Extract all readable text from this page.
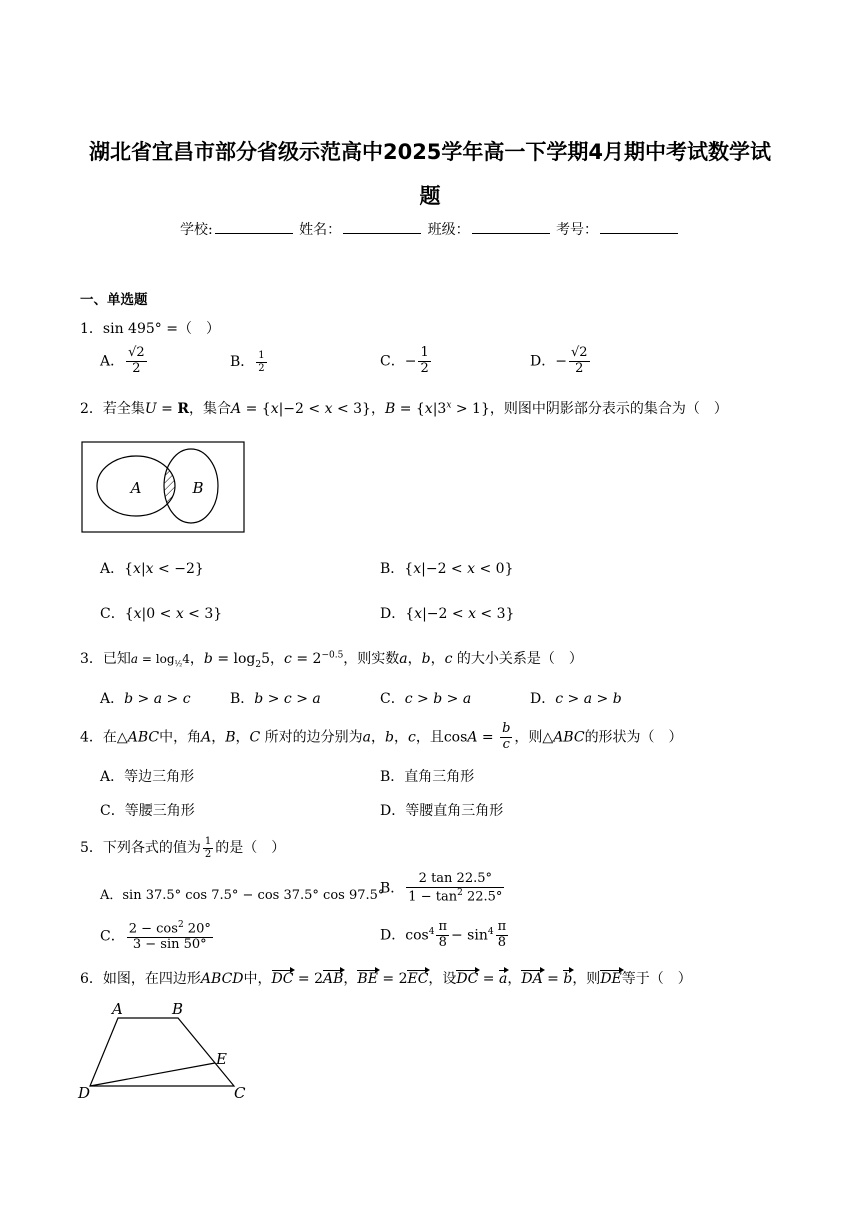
湖北省宜昌市部分省级示范高中2025学年高一下学期4月期中考试数学试
题
学校:	姓名：	班级：	考号：
一、单选题
1．sin 495° =（　）
A． $\frac{√2}{2}$	B． $\frac{1}{2}$	C．− $\frac{1}{2}$	D．− $\frac{√2}{2}$
2．若全集U = R，集合A = {x|−2 < x < 3}，$B = \{x|3^x > 1\}$，则图中阴影部分表示的集合为（　）
A	B
A．{x|x < −2}	B．{x|−2 < x < 0}
C．{x|0 < x < 3}	D．{x|−2 < x < 3}
3．已知$a = \log_{\frac{1}{2}}4$，$b = \log_25$，$c = 2^{-0.5}$，则实数a，b，c 的大小关系是（　）
A．b > a > c	B．b > c > a	C．c > b > a	D．c > a > b
4．在△ABC中，角A，B，C 所对的边分别为a，b，c，且$\cos A = \frac{b}{c}$ ，则△ABC的形状为（　）
A．等边三角形	B．直角三角形
C．等腰三角形	D．等腰直角三角形
5．下列各式的值为 $\frac{1}{2}$ 的是（　）
A．sin 37.5° cos 7.5° − cos 37.5° cos 97.5°
B． $\frac{2 \tan 22.5^\circ}{1 - \tan^2 22.5^\circ}$
C． $\frac{2 - \cos^2 20^\circ}{3 - \sin 50^\circ}$	D．$\cos^4 \frac{\pi}{8} - \sin^4 \frac{\pi}{8}$
6．如图，在四边形ABCD中，DC = 2AB，BE = 2EC，设DC = a，DA = b，则DE等于（　）
A	B
C
D
E
